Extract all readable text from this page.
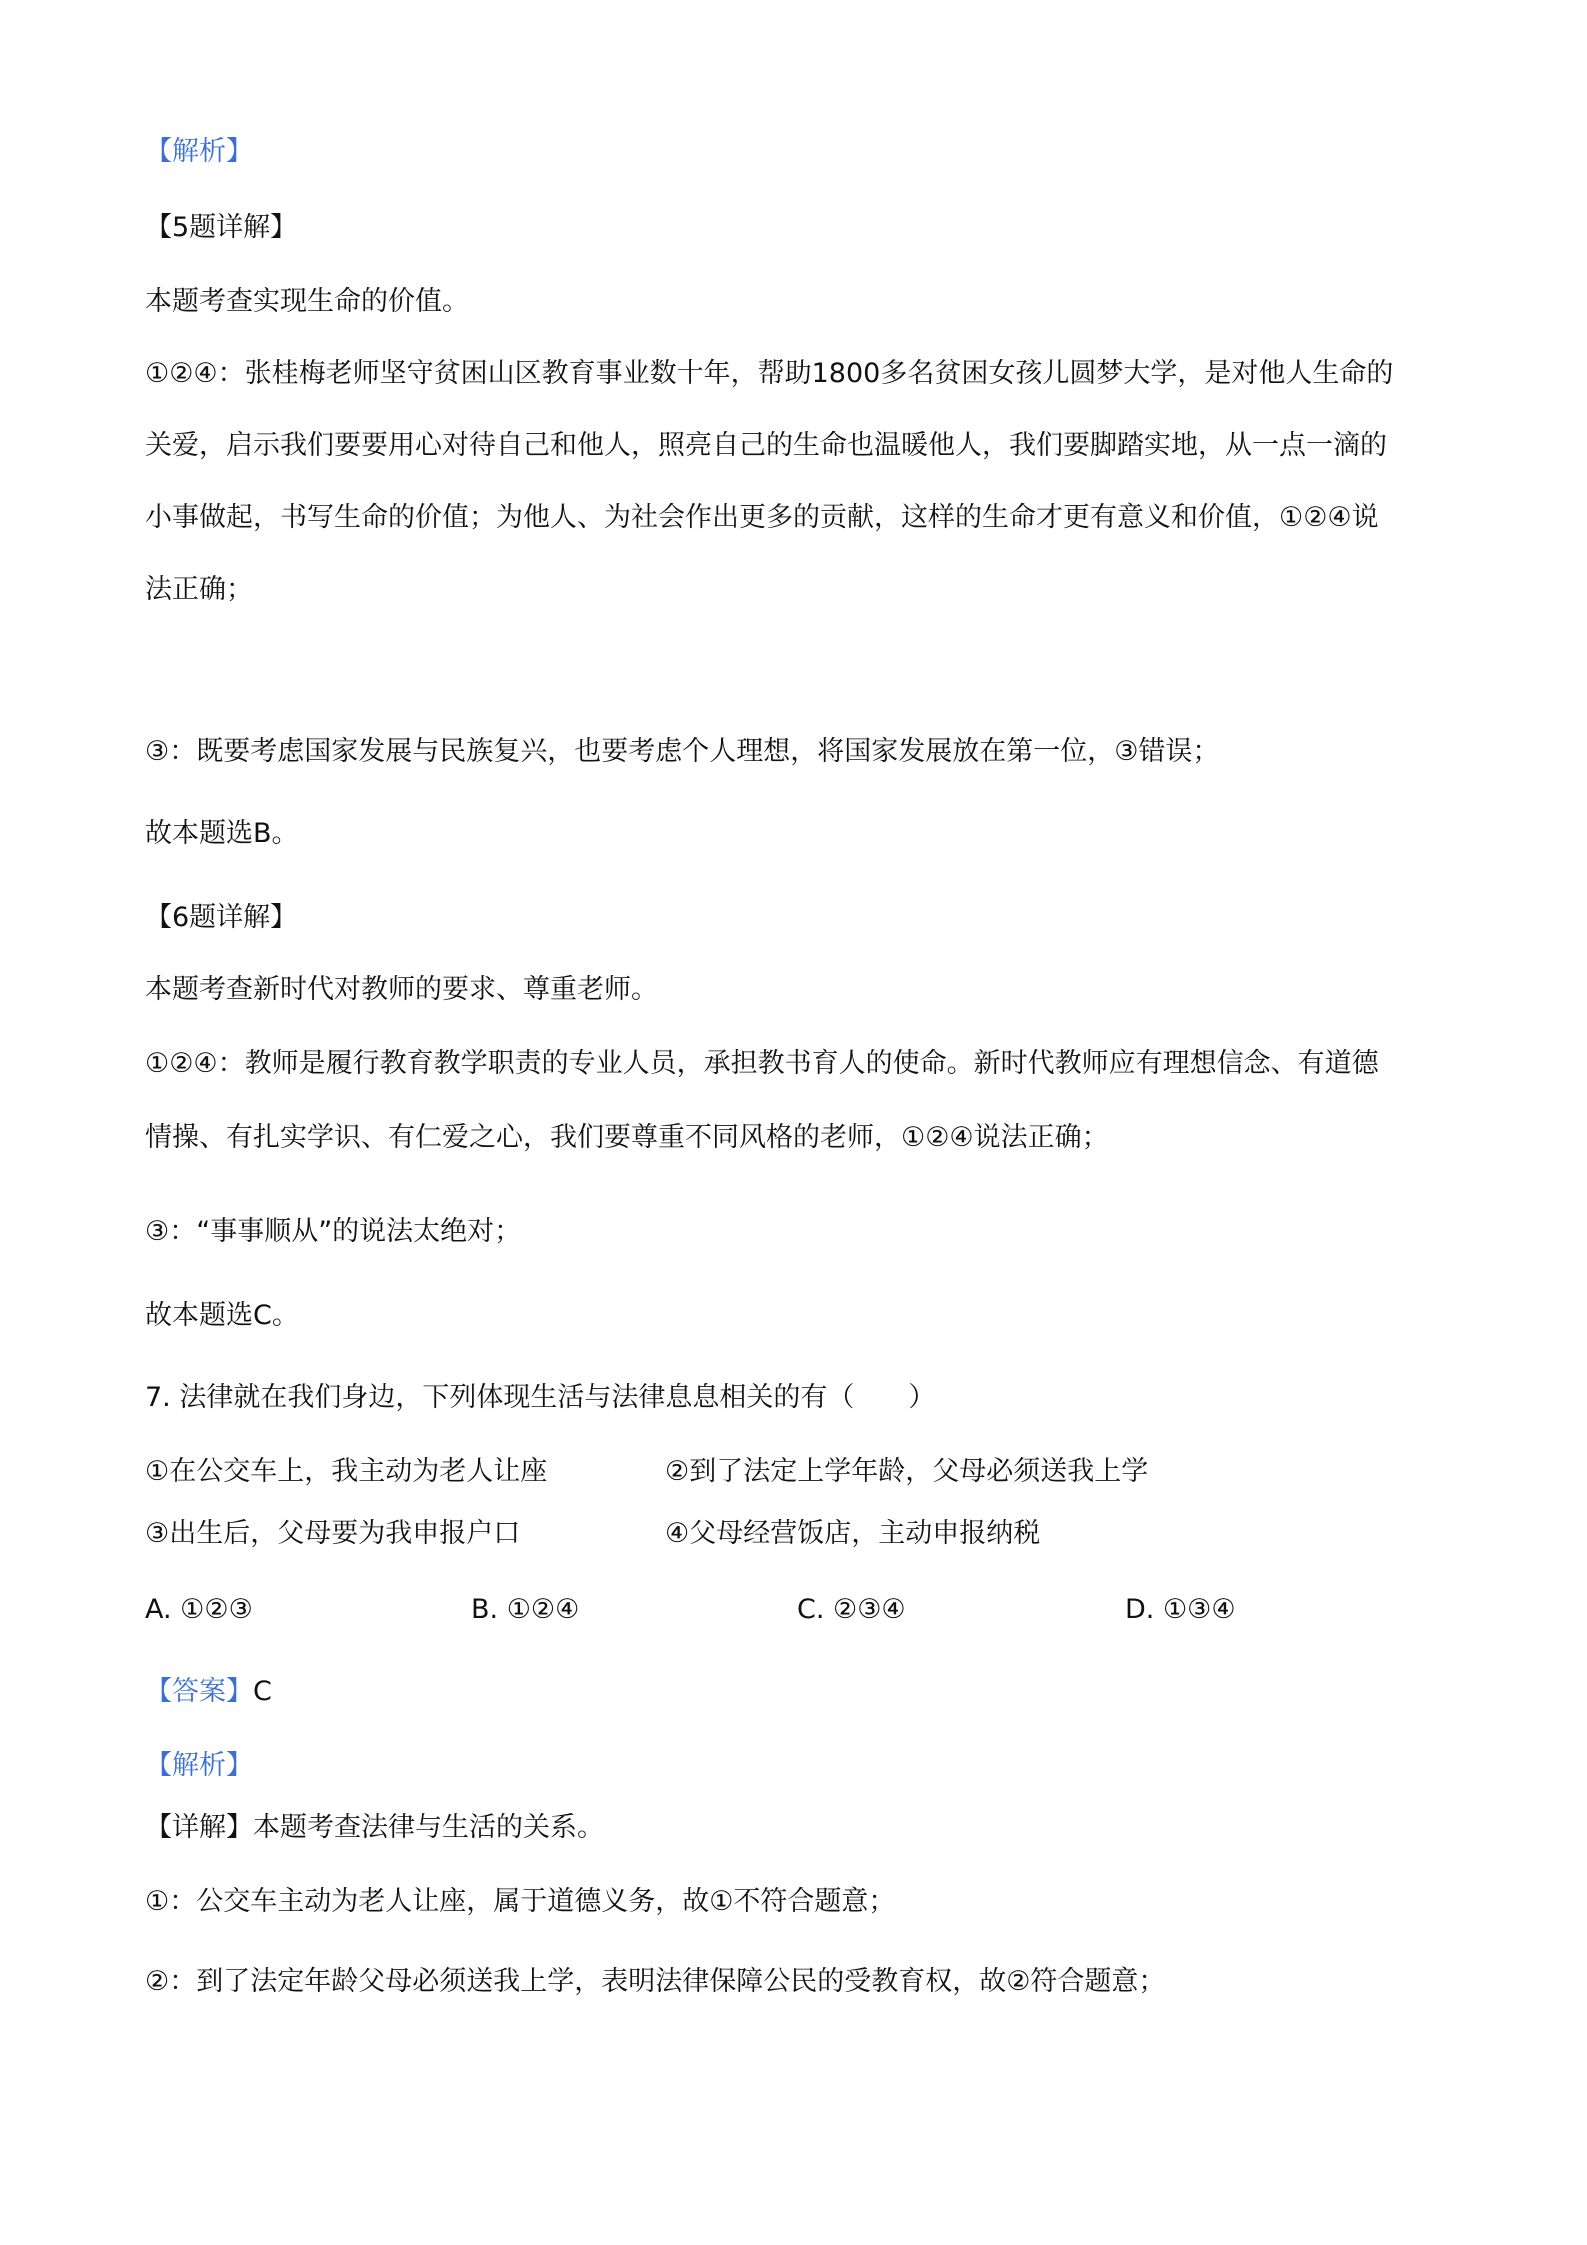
【解析】
【5题详解】
本题考查实现生命的价值。
①②④：张桂梅老师坚守贫困山区教育事业数十年，帮助1800多名贫困女孩儿圆梦大学，是对他人生命的
关爱，启示我们要要用心对待自己和他人，照亮自己的生命也温暖他人，我们要脚踏实地，从一点一滴的
小事做起，书写生命的价值；为他人、为社会作出更多的贡献，这样的生命才更有意义和价值，①②④说
法正确；
③：既要考虑国家发展与民族复兴，也要考虑个人理想，将国家发展放在第一位，③错误；
故本题选B。
【6题详解】
本题考查新时代对教师的要求、尊重老师。
①②④：教师是履行教育教学职责的专业人员，承担教书育人的使命。新时代教师应有理想信念、有道德
情操、有扎实学识、有仁爱之心，我们要尊重不同风格的老师，①②④说法正确；
③：“事事顺从”的说法太绝对；
故本题选C。
7. 法律就在我们身边，下列体现生活与法律息息相关的有（　　）
①在公交车上，我主动为老人让座	②到了法定上学年龄，父母必须送我上学
③出生后，父母要为我申报户口	④父母经营饭店，主动申报纳税
A. ①②③	B. ①②④	C. ②③④	D. ①③④
【答案】C
【解析】
【详解】本题考查法律与生活的关系。
①：公交车主动为老人让座，属于道德义务，故①不符合题意；
②：到了法定年龄父母必须送我上学，表明法律保障公民的受教育权，故②符合题意；
